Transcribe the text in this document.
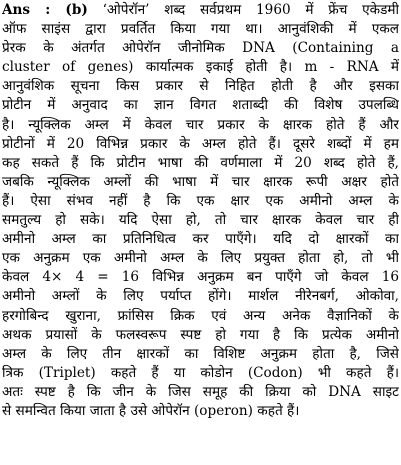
Ans : (b) ‘ओपेरॉन’ शब्द सर्वप्रथम 1960 में फ्रेंच एकेडमी
ऑफ साइंस द्वारा प्रवर्तित किया गया था। आनुवंशिकी में एकल
प्रेरक के अंतर्गत ओपेरॉन जीनोमिक DNA (Containing a
cluster of genes) कार्यात्मक इकाई होती है। m - RNA में
आनुवंशिक सूचना किस प्रकार से निहित होती है और इसका
प्रोटीन में अनुवाद का ज्ञान विगत शताब्दी की विशेष उपलब्धि
है। न्यूक्लिक अम्ल में केवल चार प्रकार के क्षारक होते हैं और
प्रोटीनों में 20 विभिन्न प्रकार के अम्ल होते हैं। दूसरे शब्दों में हम
कह सकते हैं कि प्रोटीन भाषा की वर्णमाला में 20 शब्द होते हैं,
जबकि न्यूक्लिक अम्लों की भाषा में चार क्षारक रूपी अक्षर होते
हैं। ऐसा संभव नहीं है कि एक क्षार एक अमीनो अम्ल के
समतुल्य हो सके। यदि ऐसा हो, तो चार क्षारक केवल चार ही
अमीनो अम्ल का प्रतिनिधित्व कर पाएँगे। यदि दो क्षारकों का
एक अनुक्रम एक अमीनो अम्ल के लिए प्रयुक्त होता हो, तो भी
केवल 4× 4 = 16 विभिन्न अनुक्रम बन पाएँगे जो केवल 16
अमीनो अम्लों के लिए पर्याप्त होंगे। मार्शल नीरेनबर्ग, ओकोवा,
हरगोबिन्द खुराना, फ्रांसिस क्रिक एवं अन्य अनेक वैज्ञानिकों के
अथक प्रयासों के फलस्वरूप स्पष्ट हो गया है कि प्रत्येक अमीनो
अम्ल के लिए तीन क्षारकों का विशिष्ट अनुक्रम होता है, जिसे
त्रिक (Triplet) कहते हैं या कोडोन (Codon) भी कहते हैं।
अतः स्पष्ट है कि जीन के जिस समूह की क्रिया को DNA साइट
से समन्वित किया जाता है उसे ओपेरॉन (operon) कहते हैं।
